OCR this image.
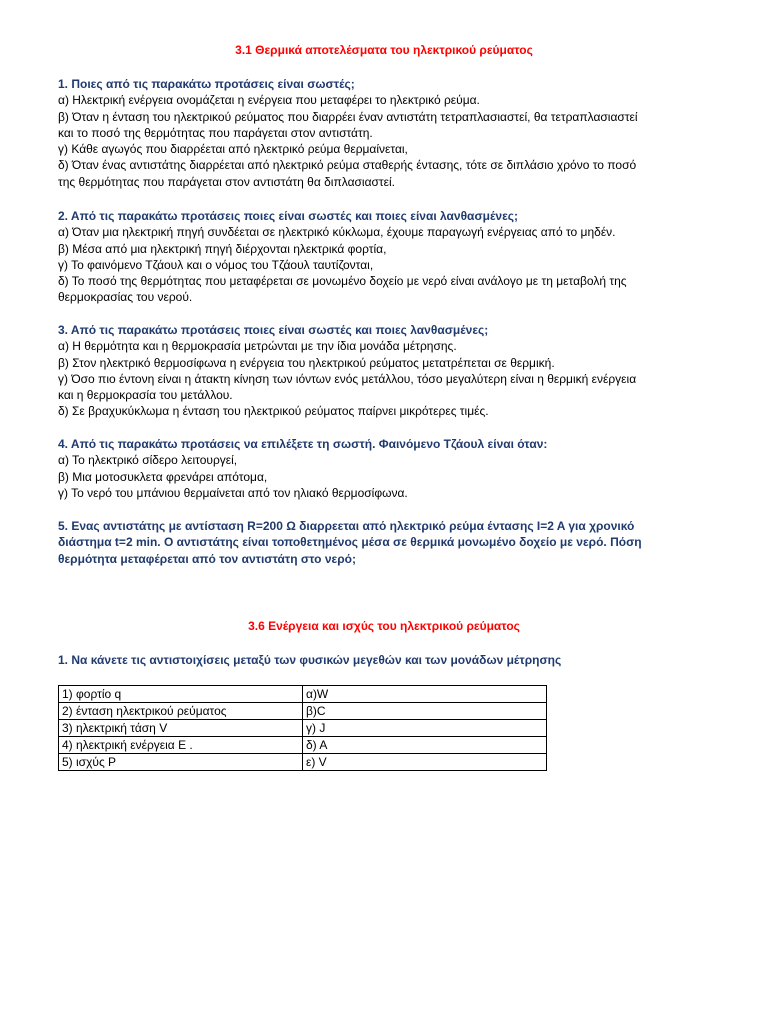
3.1 Θερμικά αποτελέσματα του ηλεκτρικού ρεύματος

1. Ποιες από τις παρακάτω προτάσεις είναι σωστές;

α) Ηλεκτρική ενέργεια ονομάζεται η ενέργεια που μεταφέρει το ηλεκτρικό ρεύμα.

β) Όταν η ένταση του ηλεκτρικού ρεύματος που διαρρέει έναν αντιστάτη τετραπλασιαστεί, θα τετραπλασιαστεί

και το ποσό της θερμότητας που παράγεται στον αντιστάτη.

γ) Κάθε αγωγός που διαρρέεται από ηλεκτρικό ρεύμα θερμαίνεται,

δ) Όταν ένας αντιστάτης διαρρέεται από ηλεκτρικό ρεύμα σταθερής έντασης, τότε σε διπλάσιο χρόνο το ποσό

της θερμότητας που παράγεται στον αντιστάτη θα διπλασιαστεί.

2. Από τις παρακάτω προτάσεις ποιες είναι σωστές και ποιες είναι λανθασμένες;

α) Όταν μια ηλεκτρική πηγή συνδέεται σε ηλεκτρικό κύκλωμα, έχουμε παραγωγή ενέργειας από το μηδέν.

β) Μέσα από μια ηλεκτρική πηγή διέρχονται ηλεκτρικά φορτία,

γ) Το φαινόμενο Τζάουλ και ο νόμος του Τζάουλ ταυτίζονται,

δ) Το ποσό της θερμότητας που μεταφέρεται σε μονωμένο δοχείο με νερό είναι ανάλογο με τη μεταβολή της

θερμοκρασίας του νερού.

3. Από τις παρακάτω προτάσεις ποιες είναι σωστές και ποιες λανθασμένες;

α) Η θερμότητα και η θερμοκρασία μετρώνται με την ίδια μονάδα μέτρησης.

β) Στον ηλεκτρικό θερμοσίφωνα η ενέργεια του ηλεκτρικού ρεύματος μετατρέπεται σε θερμική.

γ) Όσο πιο έντονη είναι η άτακτη κίνηση των ιόντων ενός μετάλλου, τόσο μεγαλύτερη είναι η θερμική ενέργεια

και η θερμοκρασία του μετάλλου.

δ) Σε βραχυκύκλωμα η ένταση του ηλεκτρικού ρεύματος παίρνει μικρότερες τιμές.

4. Από τις παρακάτω προτάσεις να επιλέξετε τη σωστή. Φαινόμενο Τζάουλ είναι όταν:

α) Το ηλεκτρικό σίδερο λειτουργεί,

β) Μια μοτοσυκλετα φρενάρει απότομα,

γ) Το νερό του μπάνιου θερμαίνεται από τον ηλιακό θερμοσίφωνα.

5. Ενας αντιστάτης με αντίσταση R=200 Ω διαρρεεται από ηλεκτρικό ρεύμα έντασης I=2 A για χρονικό

διάστημα t=2 min. Ο αντιστάτης είναι τοποθετημένος μέσα σε θερμικά μονωμένο δοχείο με νερό. Πόση

θερμότητα μεταφέρεται από τον αντιστάτη στο νερό;

3.6 Ενέργεια και ισχύς του ηλεκτρικού ρεύματος

1. Να κάνετε τις αντιστοιχίσεις μεταξύ των φυσικών μεγεθών και των μονάδων μέτρησης

1) φορτίο q	α)W
2) ένταση ηλεκτρικού ρεύματος	β)C
3) ηλεκτρική τάση V	γ) J
4) ηλεκτρική ενέργεια Ε .	δ) Α
5) ισχύς P	ε) V
